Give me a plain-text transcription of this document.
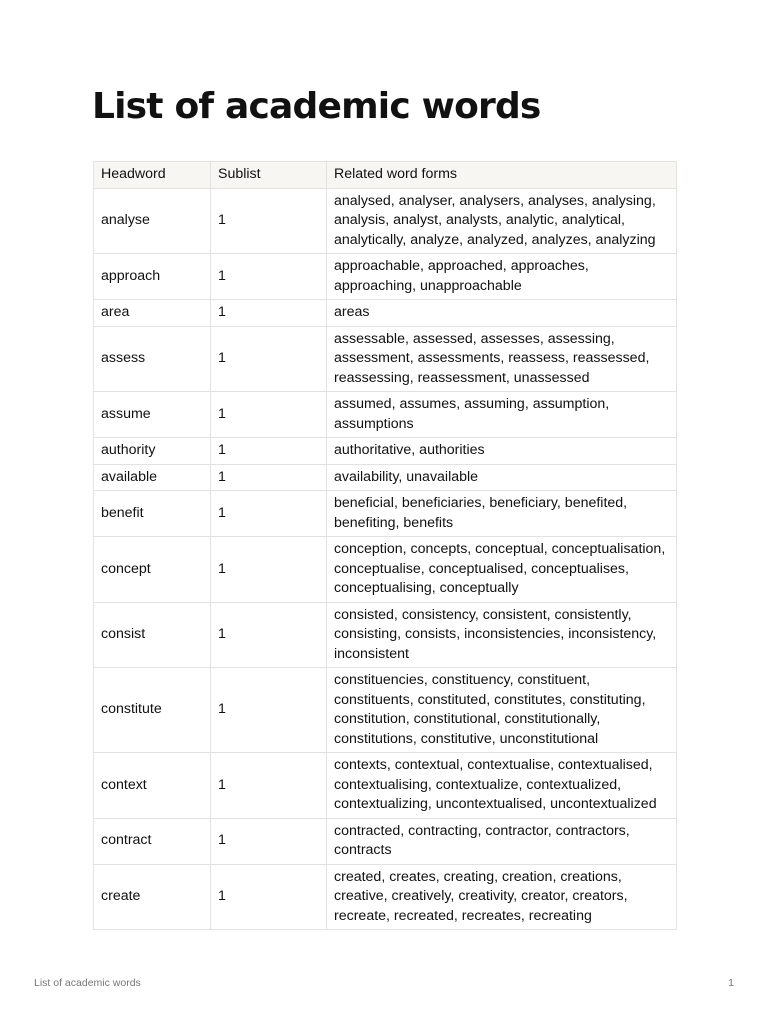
List of academic words
Headword	Sublist	Related word forms
analyse	1	analysed, analyser, analysers, analyses, analysing, analysis, analyst, analysts, analytic, analytical, analytically, analyze, analyzed, analyzes, analyzing
approach	1	approachable, approached, approaches, approaching, unapproachable
area	1	areas
assess	1	assessable, assessed, assesses, assessing, assessment, assessments, reassess, reassessed, reassessing, reassessment, unassessed
assume	1	assumed, assumes, assuming, assumption, assumptions
authority	1	authoritative, authorities
available	1	availability, unavailable
benefit	1	beneficial, beneficiaries, beneficiary, benefited, benefiting, benefits
concept	1	conception, concepts, conceptual, conceptualisation, conceptualise, conceptualised, conceptualises, conceptualising, conceptually
consist	1	consisted, consistency, consistent, consistently, consisting, consists, inconsistencies, inconsistency, inconsistent
constitute	1	constituencies, constituency, constituent, constituents, constituted, constitutes, constituting, constitution, constitutional, constitutionally, constitutions, constitutive, unconstitutional
context	1	contexts, contextual, contextualise, contextualised, contextualising, contextualize, contextualized, contextualizing, uncontextualised, uncontextualized
contract	1	contracted, contracting, contractor, contractors, contracts
create	1	created, creates, creating, creation, creations, creative, creatively, creativity, creator, creators, recreate, recreated, recreates, recreating
List of academic words	1
